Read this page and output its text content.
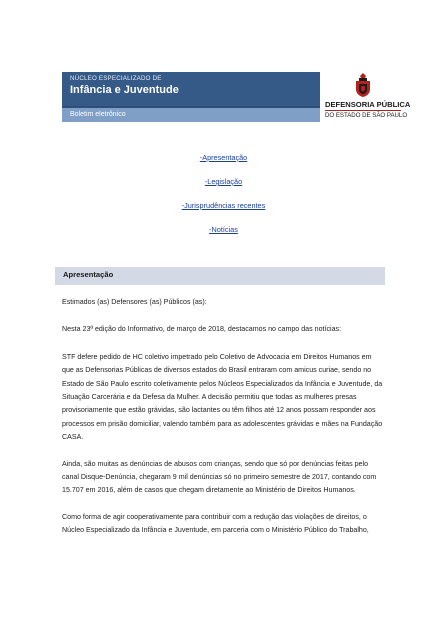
NÚCLEO ESPECIALIZADO DE
Infância e Juventude
Boletim eletrônico
DEFENSORIA PÚBLICA
DO ESTADO DE SÃO PAULO
-Apresentação
-Legislação
-Jurisprudências recentes
-Notícias
Apresentação

Estimados (as) Defensores (as) Públicos (as):

Nesta 23ª edição do Informativo, de março de 2018, destacamos no campo das notícias:

STF defere pedido de HC coletivo impetrado pelo Coletivo de Advocacia em Direitos Humanos em que as Defensorias Públicas de diversos estados do Brasil entraram com amicus curiae, sendo no Estado de São Paulo escrito coletivamente pelos Núcleos Especializados da Infância e Juventude, da Situação Carcerária e da Defesa da Mulher. A decisão permitiu que todas as mulheres presas provisoriamente que estão grávidas, são lactantes ou têm filhos até 12 anos possam responder aos processos em prisão domiciliar, valendo também para as adolescentes grávidas e mães na Fundação CASA.

Ainda, são muitas as denúncias de abusos com crianças, sendo que só por denúncias feitas pelo canal Disque-Denúncia, chegaram 9 mil denúncias só no primeiro semestre de 2017, contando com 15.707 em 2016, além de casos que chegam diretamente ao Ministério de Direitos Humanos.

Como forma de agir cooperativamente para contribuir com a redução das violações de direitos, o Núcleo Especializado da Infância e Juventude, em parceria com o Ministério Público do Trabalho,
